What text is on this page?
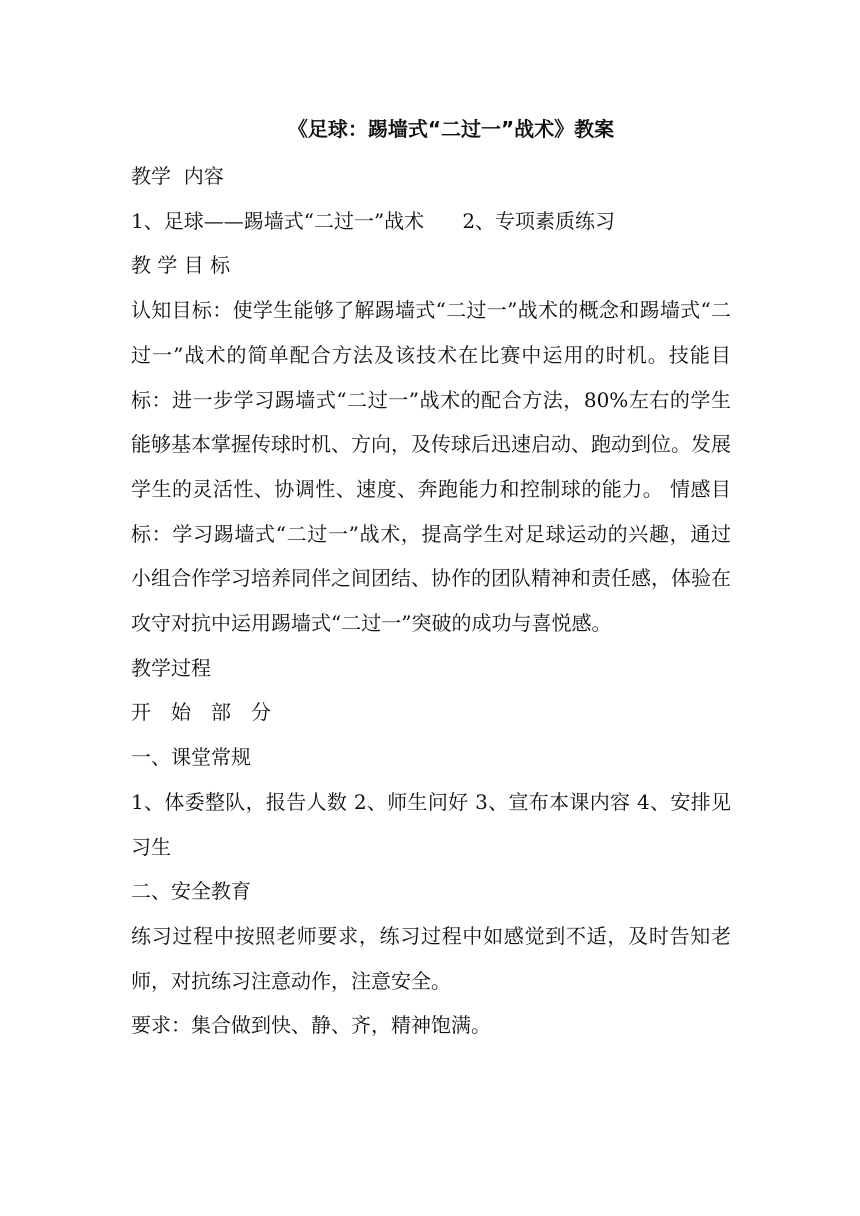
《足球：踢墙式“二过一”战术》教案

教学  内容

1、足球——踢墙式“二过一”战术      2、专项素质练习

教 学 目 标

认知目标：使学生能够了解踢墙式“二过一”战术的概念和踢墙式“二过一”战术的简单配合方法及该技术在比赛中运用的时机。技能目标：进一步学习踢墙式“二过一”战术的配合方法，80%左右的学生能够基本掌握传球时机、方向，及传球后迅速启动、跑动到位。发展学生的灵活性、协调性、速度、奔跑能力和控制球的能力。 情感目标：学习踢墙式“二过一”战术，提高学生对足球运动的兴趣，通过小组合作学习培养同伴之间团结、协作的团队精神和责任感，体验在攻守对抗中运用踢墙式“二过一”突破的成功与喜悦感。

教学过程

开　始　部　分

一、课堂常规

1、体委整队，报告人数 2、师生问好 3、宣布本课内容 4、安排见习生

二、安全教育

练习过程中按照老师要求，练习过程中如感觉到不适，及时告知老师，对抗练习注意动作，注意安全。

要求：集合做到快、静、齐，精神饱满。
